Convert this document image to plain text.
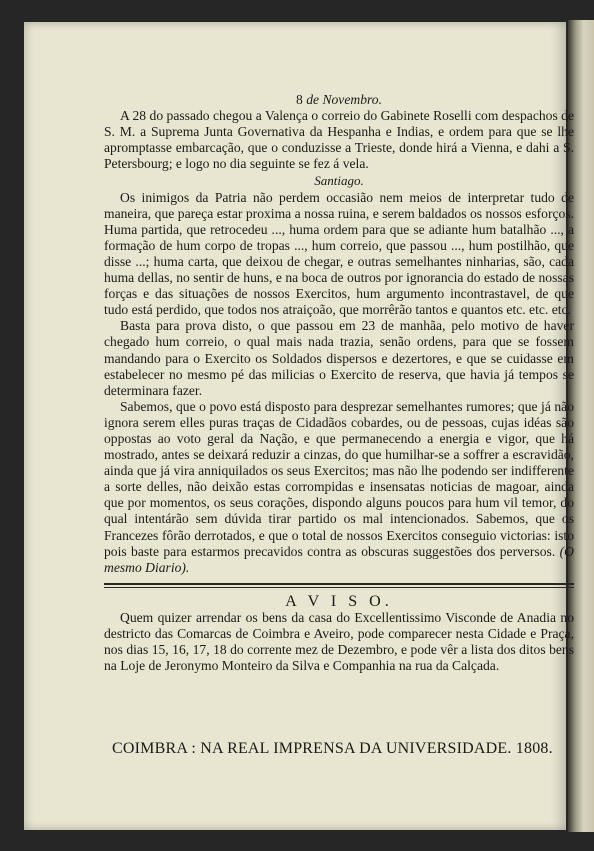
8 de Novembro.

A 28 do passado chegou a Valença o correio do Gabinete Roselli com despachos de S. M. a Suprema Junta Governativa da Hespanha e Indias, e ordem para que se lhe apromptasse embarcação, que o conduzisse a Trieste, donde hirá a Vienna, e dahi a S. Petersbourg; e logo no dia seguinte se fez á vela.

Santiago.

Os inimigos da Patria não perdem occasião nem meios de interpretar tudo de maneira, que pareça estar proxima a nossa ruina, e serem baldados os nossos esforços. Huma partida, que retrocedeu ..., huma ordem para que se adiante hum batalhão ..., a formação de hum corpo de tropas ..., hum correio, que passou ..., hum postilhão, que disse ...; huma carta, que deixou de chegar, e outras semelhantes ninharias, são, cada huma dellas, no sentir de huns, e na boca de outros por ignorancia do estado de nossas forças e das situações de nossos Exercitos, hum argumento incontrastavel, de que tudo está perdido, que todos nos atraiçoão, que morrêrão tantos e quantos etc. etc. etc.

Basta para prova disto, o que passou em 23 de manhãa, pelo motivo de haver chegado hum correio, o qual mais nada trazia, senão ordens, para que se fossem mandando para o Exercito os Soldados dispersos e dezertores, e que se cuidasse em estabelecer no mesmo pé das milicias o Exercito de reserva, que havia já tempos se determinara fazer.

Sabemos, que o povo está disposto para desprezar semelhantes rumores; que já não ignora serem elles puras traças de Cidadãos cobardes, ou de pessoas, cujas idéas são oppostas ao voto geral da Nação, e que permanecendo a energia e vigor, que há mostrado, antes se deixará reduzir a cinzas, do que humilhar-se a soffrer a escravidão, ainda que já vira anniquilados os seus Exercitos; mas não lhe podendo ser indifferente a sorte delles, não deixão estas corrompidas e insensatas noticias de magoar, ainda que por momentos, os seus corações, dispondo alguns poucos para hum vil temor, do qual intentárão sem dúvida tirar partido os mal intencionados. Sabemos, que os Francezes fôrão derrotados, e que o total de nossos Exercitos conseguio victorias: isto pois baste para estarmos precavidos contra as obscuras suggestões dos perversos. (O mesmo Diario).

A V I S O.

Quem quizer arrendar os bens da casa do Excellentissimo Visconde de Anadia no destricto das Comarcas de Coimbra e Aveiro, pode comparecer nesta Cidade e Praça, nos dias 15, 16, 17, 18 do corrente mez de Dezembro, e pode vêr a lista dos ditos bens na Loje de Jeronymo Monteiro da Silva e Companhia na rua da Calçada.

COIMBRA : NA REAL IMPRENSA DA UNIVERSIDADE. 1808.
